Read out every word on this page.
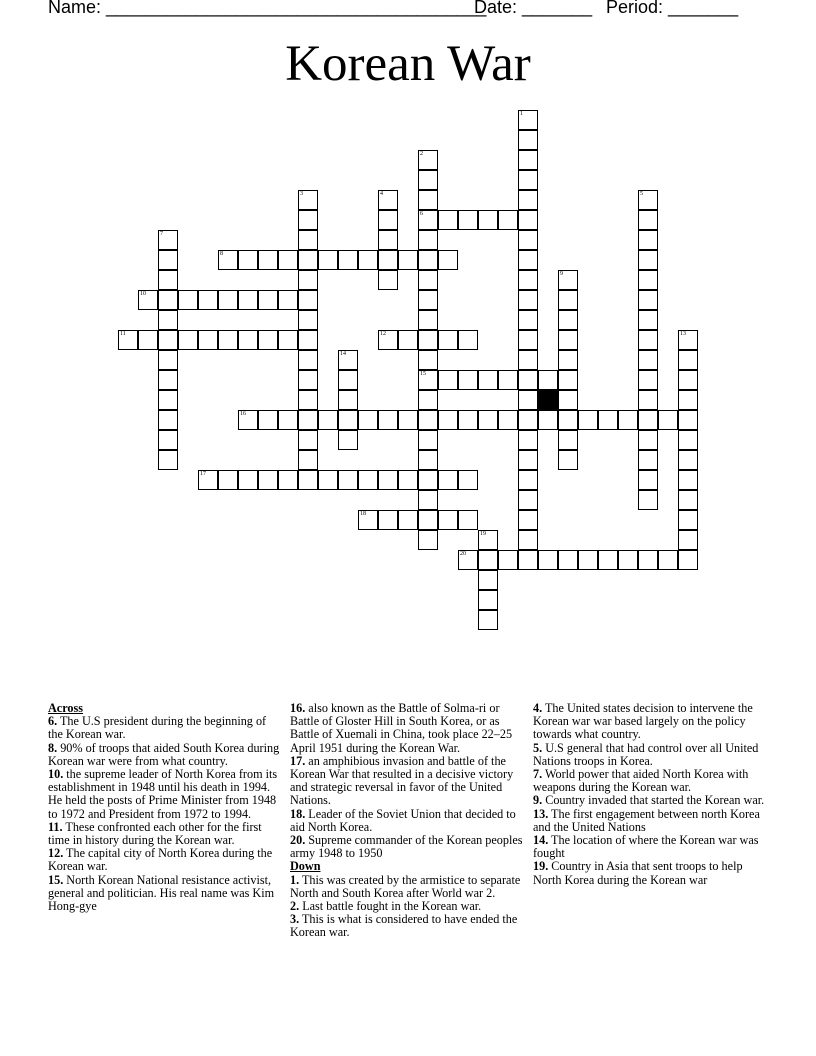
Name: ______________________________________
Date: _______ Period: _______
Korean War
1
2
6
15
3	4	5
7
8
9
10
11	12	13
14
16
17
18
19
20
Across
6. The U.S president during the beginning of the Korean war.
8. 90% of troops that aided South Korea during Korean war were from what country.
10. the supreme leader of North Korea from its establishment in 1948 until his death in 1994. He held the posts of Prime Minister from 1948 to 1972 and President from 1972 to 1994.
11. These confronted each other for the first time in history during the Korean war.
12. The capital city of North Korea during the Korean war.
15. North Korean National resistance activist, general and politician. His real name was Kim Hong-gye
16. also known as the Battle of Solma-ri or Battle of Gloster Hill in South Korea, or as Battle of Xuemali in China, took place 22–25 April 1951 during the Korean War.
17. an amphibious invasion and battle of the Korean War that resulted in a decisive victory and strategic reversal in favor of the United Nations.
18. Leader of the Soviet Union that decided to aid North Korea.
20. Supreme commander of the Korean peoples army 1948 to 1950
Down
1. This was created by the armistice to separate North and South Korea after World war 2.
2. Last battle fought in the Korean war.
3. This is what is considered to have ended the Korean war.
4. The United states decision to intervene the Korean war war based largely on the policy towards what country.
5. U.S general that had control over all United Nations troops in Korea.
7. World power that aided North Korea with weapons during the Korean war.
9. Country invaded that started the Korean war.
13. The first engagement between north Korea and the United Nations
14. The location of where the Korean war was fought
19. Country in Asia that sent troops to help North Korea during the Korean war
